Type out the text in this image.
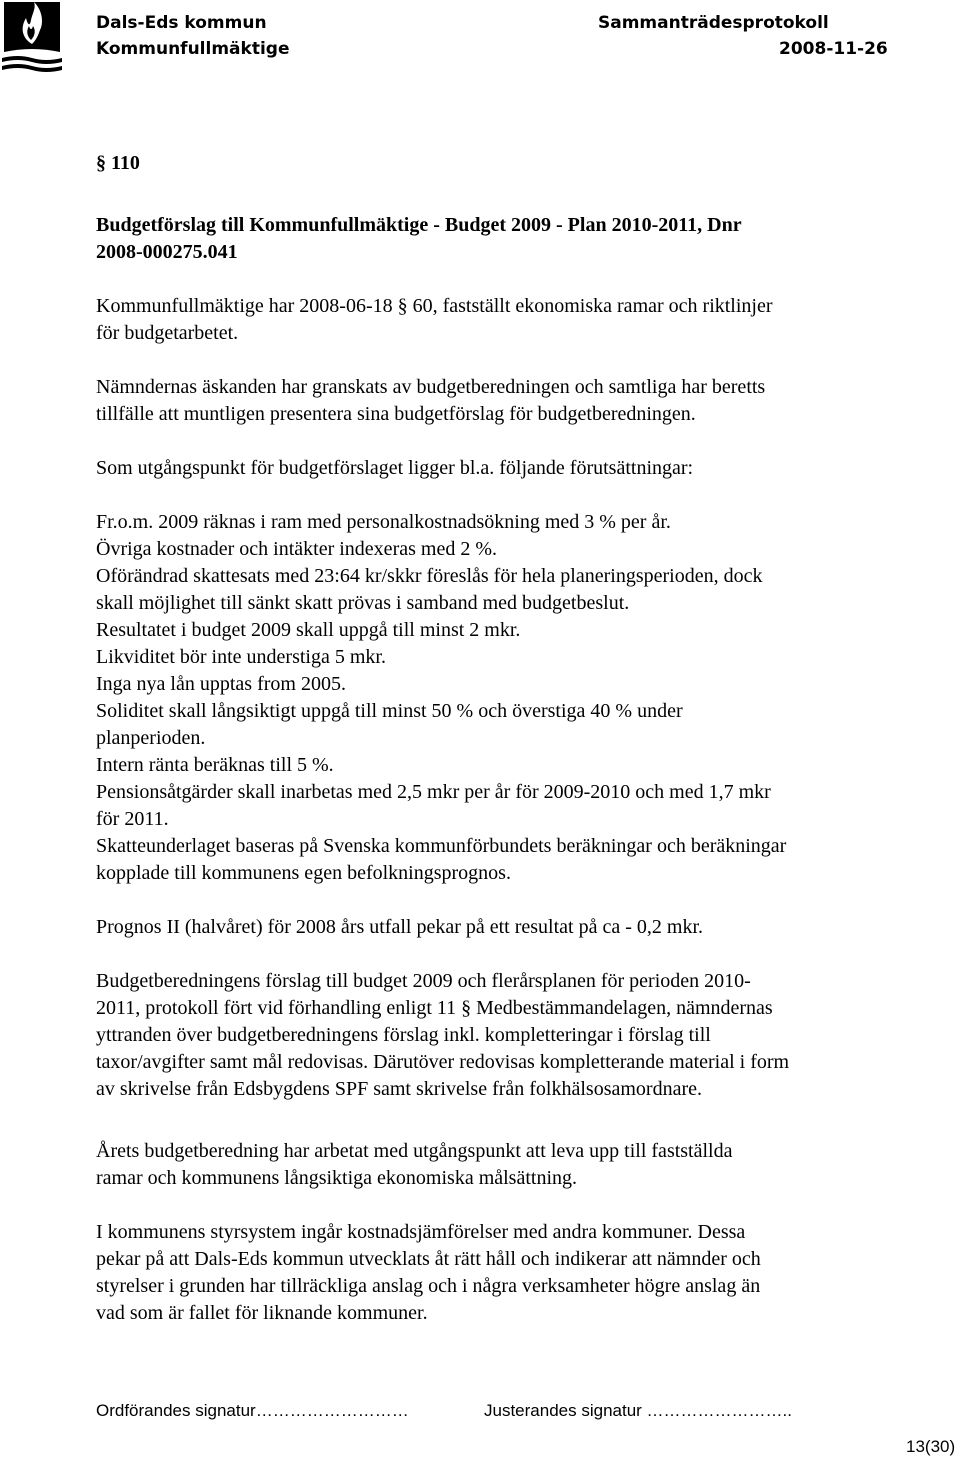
Dals-Eds kommun
Kommunfullmäktige
Sammanträdesprotokoll
2008-11-26
§ 110
Budgetförslag till Kommunfullmäktige - Budget 2009 - Plan 2010-2011, Dnr
2008-000275.041
Kommunfullmäktige har 2008-06-18 § 60, fastställt ekonomiska ramar och riktlinjer
för budgetarbetet.
Nämndernas äskanden har granskats av budgetberedningen och samtliga har beretts
tillfälle att muntligen presentera sina budgetförslag för budgetberedningen.
Som utgångspunkt för budgetförslaget ligger bl.a. följande förutsättningar:
Fr.o.m. 2009 räknas i ram med personalkostnadsökning med 3 % per år.
Övriga kostnader och intäkter indexeras med 2 %.
Oförändrad skattesats med 23:64 kr/skkr föreslås för hela planeringsperioden, dock
skall möjlighet till sänkt skatt prövas i samband med budgetbeslut.
Resultatet i budget 2009 skall uppgå till minst 2 mkr.
Likviditet bör inte understiga 5 mkr.
Inga nya lån upptas from 2005.
Soliditet skall långsiktigt uppgå till minst 50 % och överstiga 40 % under
planperioden.
Intern ränta beräknas till 5 %.
Pensionsåtgärder skall inarbetas med 2,5 mkr per år för 2009-2010 och med 1,7 mkr
för 2011.
Skatteunderlaget baseras på Svenska kommunförbundets beräkningar och beräkningar
kopplade till kommunens egen befolkningsprognos.
Prognos II (halvåret) för 2008 års utfall pekar på ett resultat på ca - 0,2 mkr.
Budgetberedningens förslag till budget 2009 och flerårsplanen för perioden 2010-
2011, protokoll fört vid förhandling enligt 11 § Medbestämmandelagen, nämndernas
yttranden över budgetberedningens förslag inkl. kompletteringar i förslag till
taxor/avgifter samt mål redovisas. Därutöver redovisas kompletterande material i form
av skrivelse från Edsbygdens SPF samt skrivelse från folkhälsosamordnare.
Årets budgetberedning har arbetat med utgångspunkt att leva upp till fastställda
ramar och kommunens långsiktiga ekonomiska målsättning.
I kommunens styrsystem ingår kostnadsjämförelser med andra kommuner. Dessa
pekar på att Dals-Eds kommun utvecklats åt rätt håll och indikerar att nämnder och
styrelser i grunden har tillräckliga anslag och i några verksamheter högre anslag än
vad som är fallet för liknande kommuner.
Ordförandes signatur………………………	Justerandes signatur ……………………..
13(30)
